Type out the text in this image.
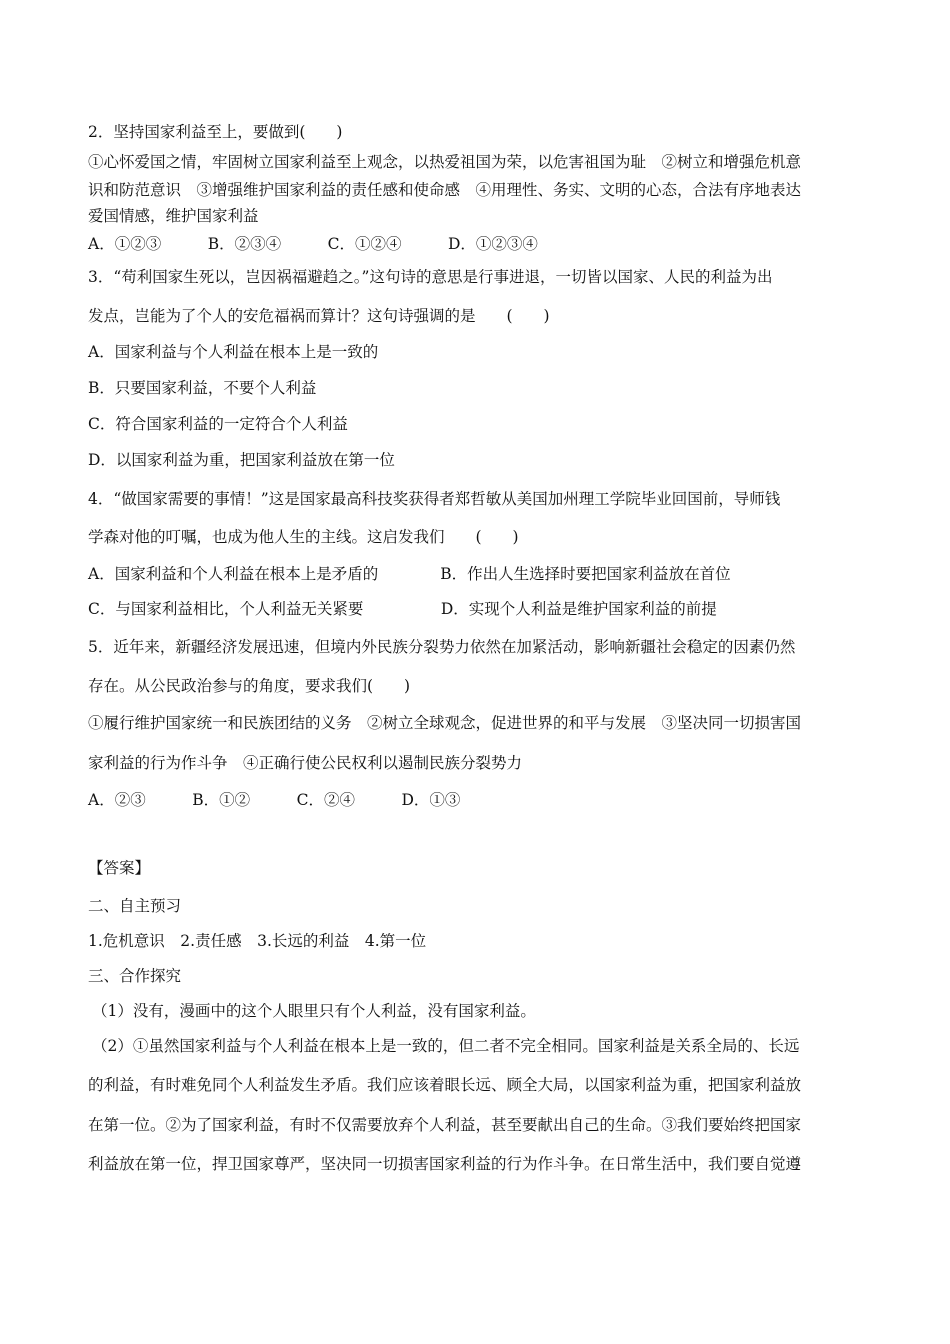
2．坚持国家利益至上，要做到(　　)
①心怀爱国之情，牢固树立国家利益至上观念，以热爱祖国为荣，以危害祖国为耻　②树立和增强危机意
识和防范意识　③增强维护国家利益的责任感和使命感　④用理性、务实、文明的心态，合法有序地表达
爱国情感，维护国家利益
A．①②③　　　B．②③④　　　C．①②④　　　D．①②③④
3．“苟利国家生死以，岂因祸福避趋之。”这句诗的意思是行事进退，一切皆以国家、人民的利益为出
发点，岂能为了个人的安危福祸而算计？这句诗强调的是　　(　　)
A．国家利益与个人利益在根本上是一致的
B．只要国家利益，不要个人利益
C．符合国家利益的一定符合个人利益
D．以国家利益为重，把国家利益放在第一位
4．“做国家需要的事情！”这是国家最高科技奖获得者郑哲敏从美国加州理工学院毕业回国前，导师钱
学森对他的叮嘱，也成为他人生的主线。这启发我们　　(　　)
A．国家利益和个人利益在根本上是矛盾的　　　　B．作出人生选择时要把国家利益放在首位
C．与国家利益相比，个人利益无关紧要　　　　　D．实现个人利益是维护国家利益的前提
5．近年来，新疆经济发展迅速，但境内外民族分裂势力依然在加紧活动，影响新疆社会稳定的因素仍然
存在。从公民政治参与的角度，要求我们(　　)
①履行维护国家统一和民族团结的义务　②树立全球观念，促进世界的和平与发展　③坚决同一切损害国
家利益的行为作斗争　④正确行使公民权利以遏制民族分裂势力
A．②③　　　B．①②　　　C．②④　　　D．①③
【答案】
二、自主预习
1.危机意识　2.责任感　3.长远的利益　4.第一位
三、合作探究
（1）没有，漫画中的这个人眼里只有个人利益，没有国家利益。
（2）①虽然国家利益与个人利益在根本上是一致的，但二者不完全相同。国家利益是关系全局的、长远
的利益，有时难免同个人利益发生矛盾。我们应该着眼长远、顾全大局，以国家利益为重，把国家利益放
在第一位。②为了国家利益，有时不仅需要放弃个人利益，甚至要献出自己的生命。③我们要始终把国家
利益放在第一位，捍卫国家尊严，坚决同一切损害国家利益的行为作斗争。在日常生活中，我们要自觉遵
